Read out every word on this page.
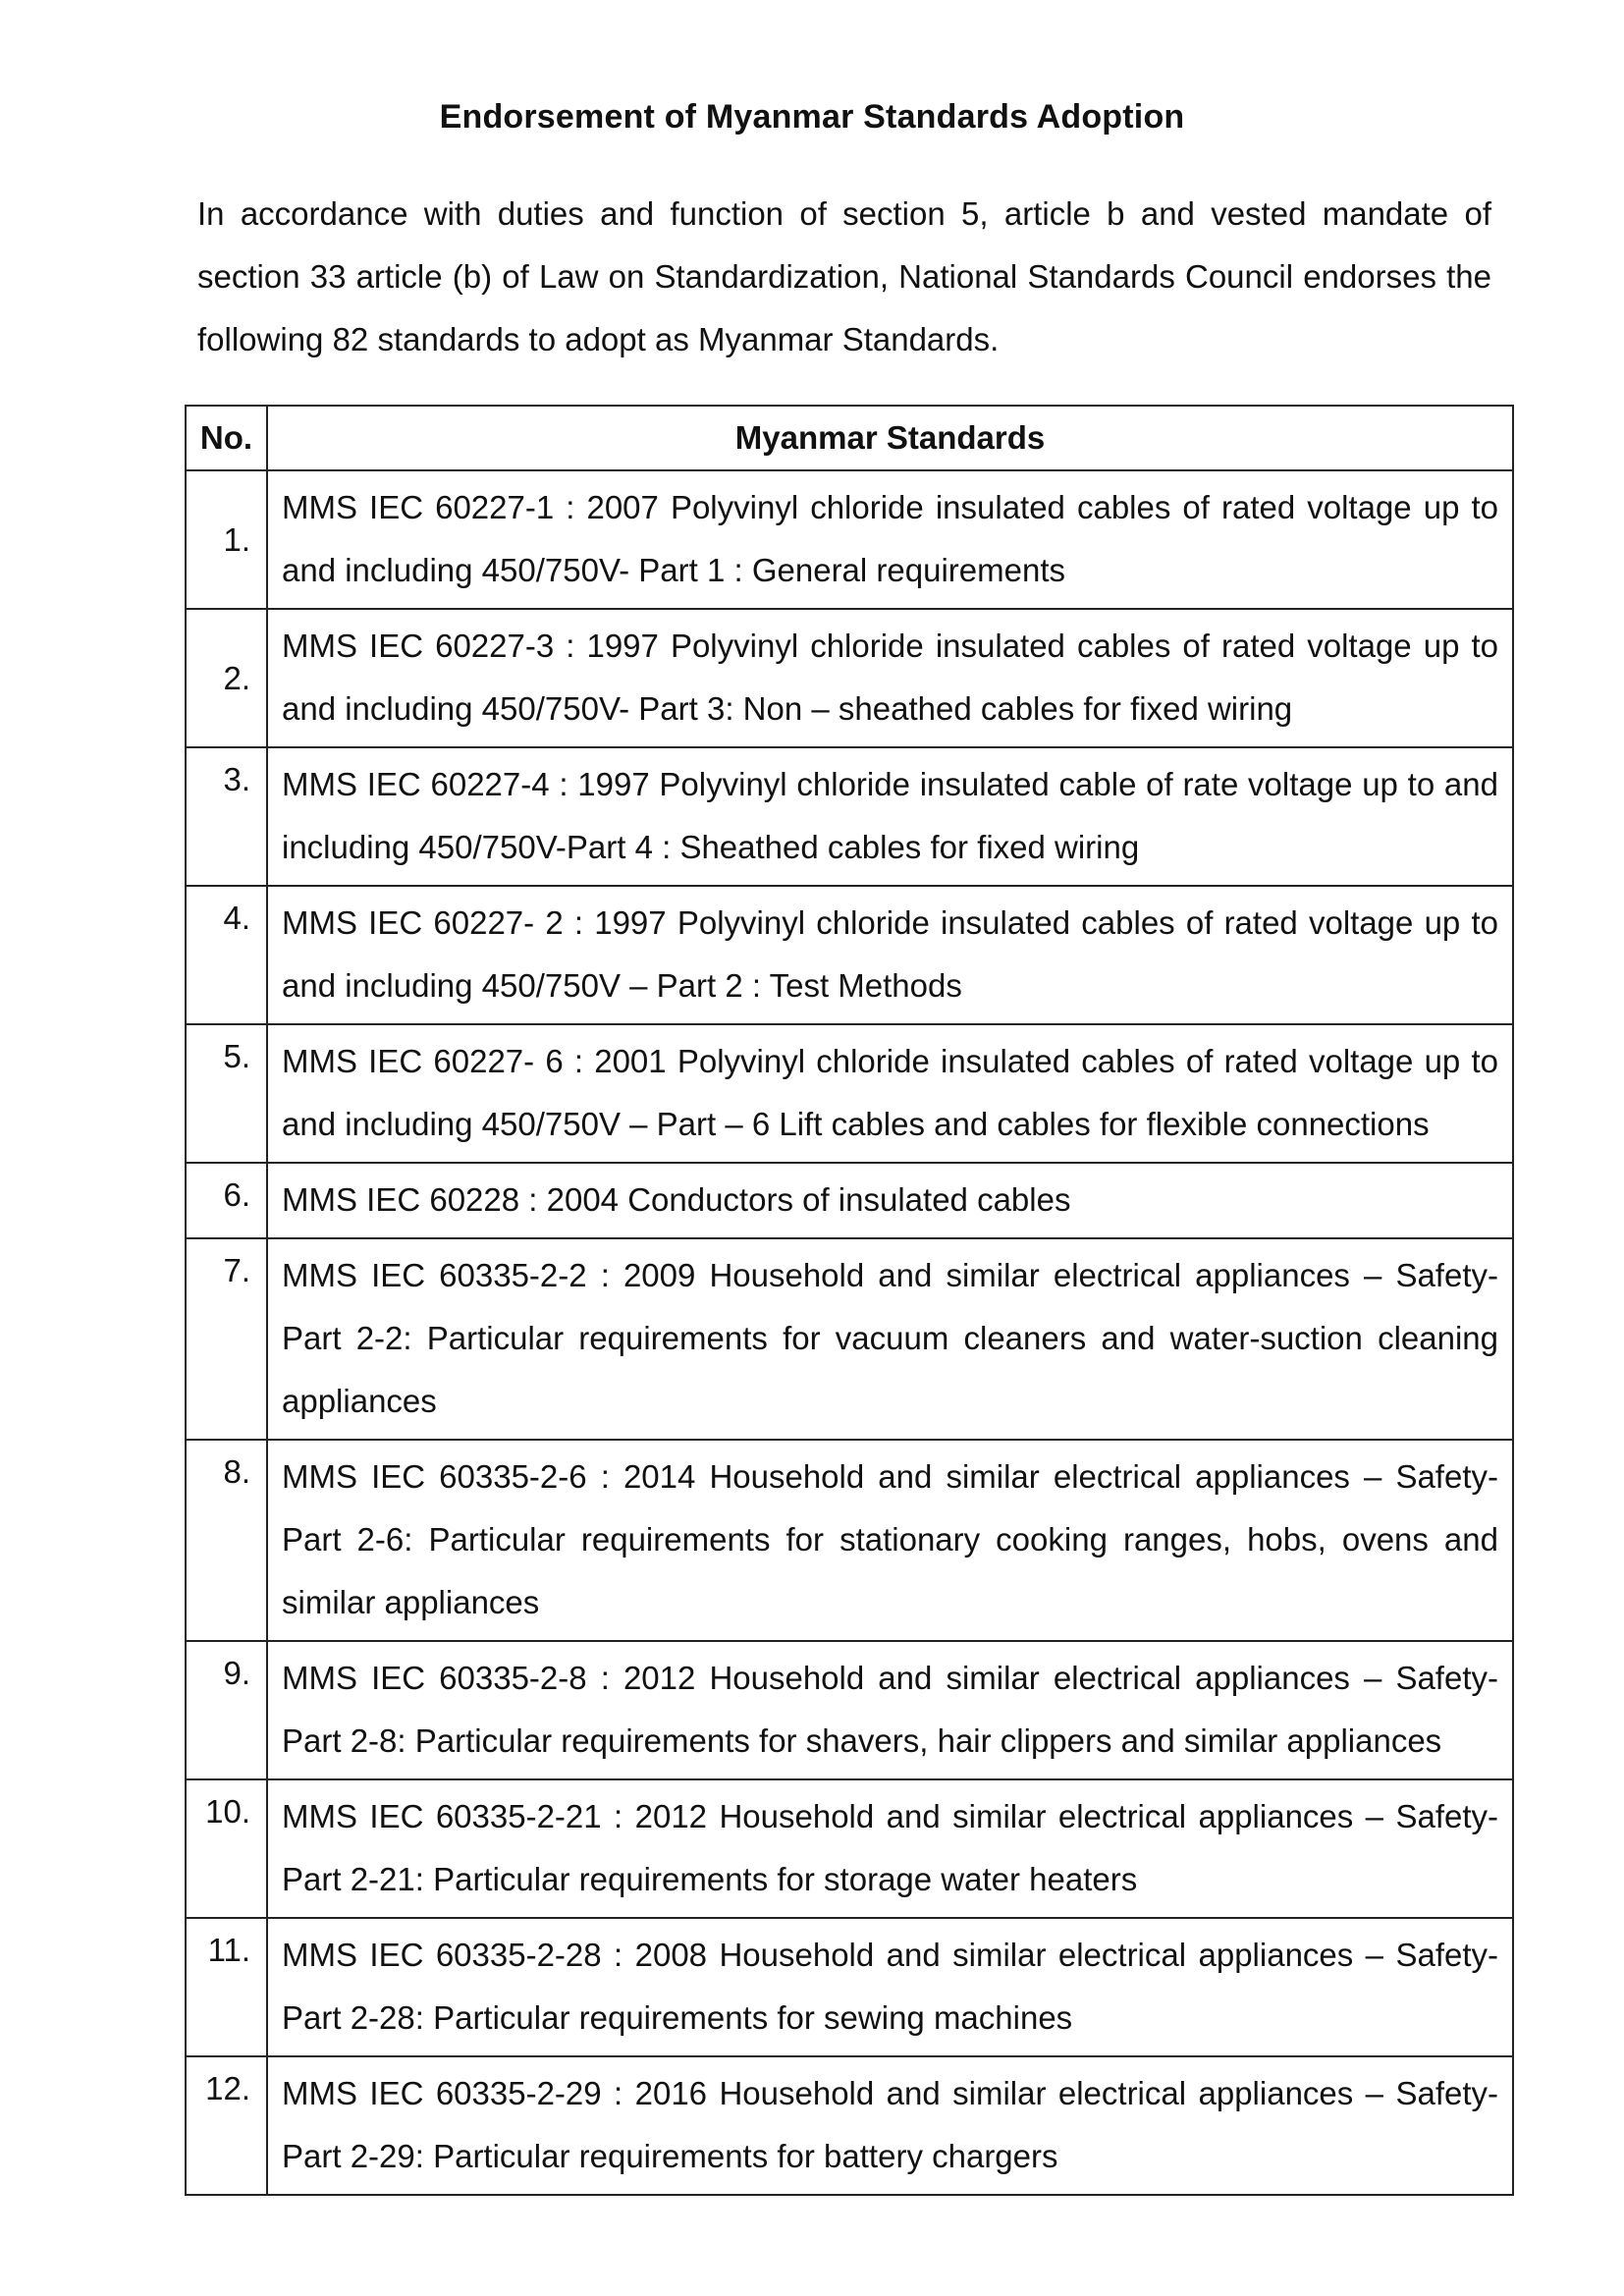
Endorsement of Myanmar Standards Adoption

In accordance with duties and function of section 5, article b and vested mandate of section 33 article (b) of Law on Standardization, National Standards Council endorses the following 82 standards to adopt as Myanmar Standards.

No.	Myanmar Standards
1.	MMS IEC 60227-1 : 2007 Polyvinyl chloride insulated cables of rated voltage up to and including 450/750V- Part 1 : General requirements
2.	MMS IEC 60227-3 : 1997 Polyvinyl chloride insulated cables of rated voltage up to and including 450/750V- Part 3: Non – sheathed cables for fixed wiring
3.	MMS IEC 60227-4 : 1997 Polyvinyl chloride insulated cable of rate voltage up to and including 450/750V-Part 4 : Sheathed cables for fixed wiring
4.	MMS IEC 60227- 2 : 1997 Polyvinyl chloride insulated cables of rated voltage up to and including 450/750V – Part 2 : Test Methods
5.	MMS IEC 60227- 6 : 2001 Polyvinyl chloride insulated cables of rated voltage up to and including 450/750V – Part – 6 Lift cables and cables for flexible connections
6.	MMS IEC 60228 : 2004 Conductors of insulated cables
7.	MMS IEC 60335-2-2 : 2009 Household and similar electrical appliances – Safety- Part 2-2: Particular requirements for vacuum cleaners and water-suction cleaning appliances
8.	MMS IEC 60335-2-6 : 2014 Household and similar electrical appliances – Safety- Part 2-6: Particular requirements for stationary cooking ranges, hobs, ovens and similar appliances
9.	MMS IEC 60335-2-8 : 2012 Household and similar electrical appliances – Safety- Part 2-8: Particular requirements for shavers, hair clippers and similar appliances
10.	MMS IEC 60335-2-21 : 2012 Household and similar electrical appliances – Safety- Part 2-21: Particular requirements for storage water heaters
11.	MMS IEC 60335-2-28 : 2008 Household and similar electrical appliances – Safety- Part 2-28: Particular requirements for sewing machines
12.	MMS IEC 60335-2-29 : 2016 Household and similar electrical appliances – Safety- Part 2-29: Particular requirements for battery chargers
